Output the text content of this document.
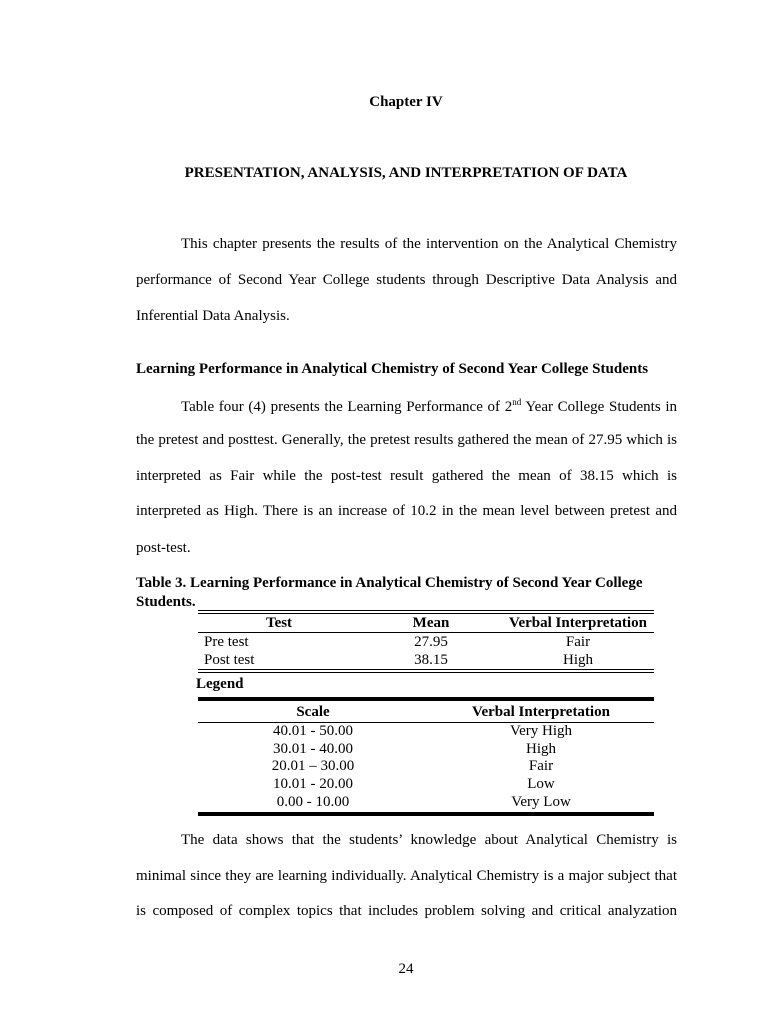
Chapter IV
PRESENTATION, ANALYSIS, AND INTERPRETATION OF DATA
This chapter presents the results of the intervention on the Analytical Chemistry
performance of Second Year College students through Descriptive Data Analysis and
Inferential Data Analysis.
Learning Performance in Analytical Chemistry of Second Year College Students
Table four (4) presents the Learning Performance of 2nd Year College Students in
the pretest and posttest. Generally, the pretest results gathered the mean of 27.95 which is
interpreted as Fair while the post-test result gathered the mean of 38.15 which is
interpreted as High. There is an increase of 10.2 in the mean level between pretest and
post-test.
Table 3. Learning Performance in Analytical Chemistry of Second Year College
Students.
Test	Mean	Verbal Interpretation
Pre test	27.95	Fair
Post test	38.15	High
Legend
Scale	Verbal Interpretation
40.01 - 50.00	Very High
30.01 - 40.00	High
20.01 – 30.00	Fair
10.01 - 20.00	Low
0.00 - 10.00	Very Low
The data shows that the students’ knowledge about Analytical Chemistry is
minimal since they are learning individually. Analytical Chemistry is a major subject that
is composed of complex topics that includes problem solving and critical analyzation
24
